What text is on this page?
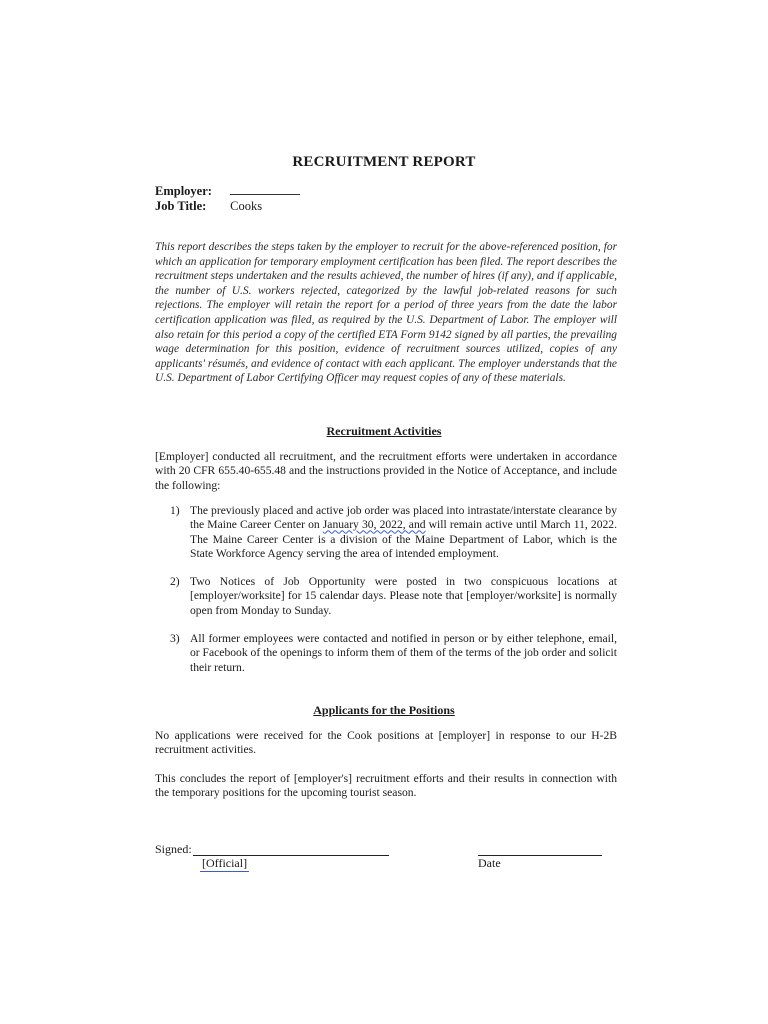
RECRUITMENT REPORT
Employer:
Job Title: Cooks
This report describes the steps taken by the employer to recruit for the above-referenced position, for which an application for temporary employment certification has been filed. The report describes the recruitment steps undertaken and the results achieved, the number of hires (if any), and if applicable, the number of U.S. workers rejected, categorized by the lawful job-related reasons for such rejections. The employer will retain the report for a period of three years from the date the labor certification application was filed, as required by the U.S. Department of Labor. The employer will also retain for this period a copy of the certified ETA Form 9142 signed by all parties, the prevailing wage determination for this position, evidence of recruitment sources utilized, copies of any applicants' résumés, and evidence of contact with each applicant. The employer understands that the U.S. Department of Labor Certifying Officer may request copies of any of these materials.
Recruitment Activities
[Employer] conducted all recruitment, and the recruitment efforts were undertaken in accordance with 20 CFR 655.40-655.48 and the instructions provided in the Notice of Acceptance, and include the following:
1) The previously placed and active job order was placed into intrastate/interstate clearance by the Maine Career Center on January 30, 2022, and will remain active until March 11, 2022. The Maine Career Center is a division of the Maine Department of Labor, which is the State Workforce Agency serving the area of intended employment.
2) Two Notices of Job Opportunity were posted in two conspicuous locations at [employer/worksite] for 15 calendar days. Please note that [employer/worksite] is normally open from Monday to Sunday.
3) All former employees were contacted and notified in person or by either telephone, email, or Facebook of the openings to inform them of them of the terms of the job order and solicit their return.
Applicants for the Positions
No applications were received for the Cook positions at [employer] in response to our H-2B recruitment activities.
This concludes the report of [employer's] recruitment efforts and their results in connection with the temporary positions for the upcoming tourist season.
Signed:
[Official]	Date
